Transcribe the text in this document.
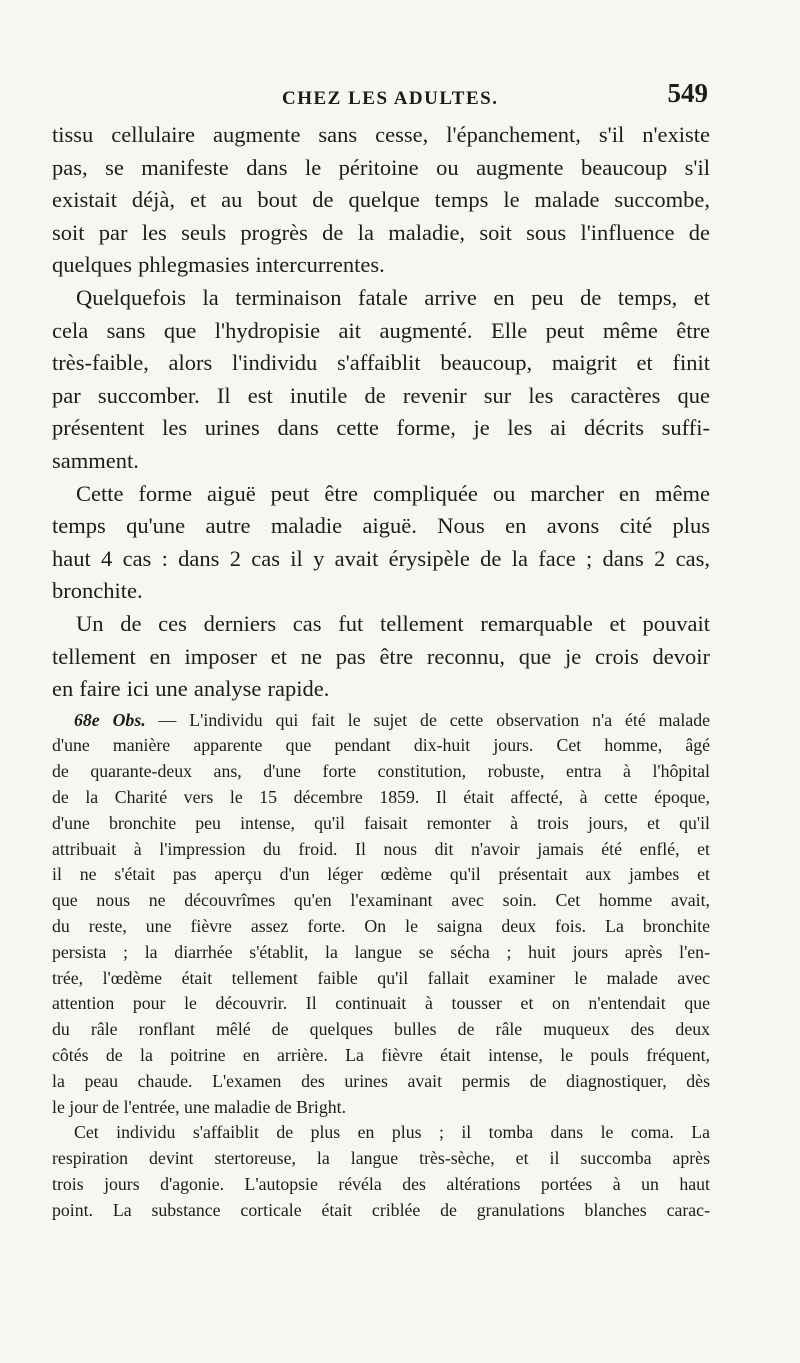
CHEZ LES ADULTES.	549

tissu cellulaire augmente sans cesse, l'épanchement, s'il n'existe

pas, se manifeste dans le péritoine ou augmente beaucoup s'il

existait déjà, et au bout de quelque temps le malade succombe,

soit par les seuls progrès de la maladie, soit sous l'influence de

quelques phlegmasies intercurrentes.

Quelquefois la terminaison fatale arrive en peu de temps, et

cela sans que l'hydropisie ait augmenté. Elle peut même être

très-faible, alors l'individu s'affaiblit beaucoup, maigrit et finit

par succomber. Il est inutile de revenir sur les caractères que

présentent les urines dans cette forme, je les ai décrits suffi-

samment.

Cette forme aiguë peut être compliquée ou marcher en même

temps qu'une autre maladie aiguë. Nous en avons cité plus

haut 4 cas : dans 2 cas il y avait érysipèle de la face ; dans 2 cas,

bronchite.

Un de ces derniers cas fut tellement remarquable et pouvait

tellement en imposer et ne pas être reconnu, que je crois devoir

en faire ici une analyse rapide.

68e Obs. — L'individu qui fait le sujet de cette observation n'a été malade

d'une manière apparente que pendant dix-huit jours. Cet homme, âgé

de quarante-deux ans, d'une forte constitution, robuste, entra à l'hôpital

de la Charité vers le 15 décembre 1859. Il était affecté, à cette époque,

d'une bronchite peu intense, qu'il faisait remonter à trois jours, et qu'il

attribuait à l'impression du froid. Il nous dit n'avoir jamais été enflé, et

il ne s'était pas aperçu d'un léger œdème qu'il présentait aux jambes et

que nous ne découvrîmes qu'en l'examinant avec soin. Cet homme avait,

du reste, une fièvre assez forte. On le saigna deux fois. La bronchite

persista ; la diarrhée s'établit, la langue se sécha ; huit jours après l'en-

trée, l'œdème était tellement faible qu'il fallait examiner le malade avec

attention pour le découvrir. Il continuait à tousser et on n'entendait que

du râle ronflant mêlé de quelques bulles de râle muqueux des deux

côtés de la poitrine en arrière. La fièvre était intense, le pouls fréquent,

la peau chaude. L'examen des urines avait permis de diagnostiquer, dès

le jour de l'entrée, une maladie de Bright.

Cet individu s'affaiblit de plus en plus ; il tomba dans le coma. La

respiration devint stertoreuse, la langue très-sèche, et il succomba après

trois jours d'agonie. L'autopsie révéla des altérations portées à un haut

point. La substance corticale était criblée de granulations blanches carac-
